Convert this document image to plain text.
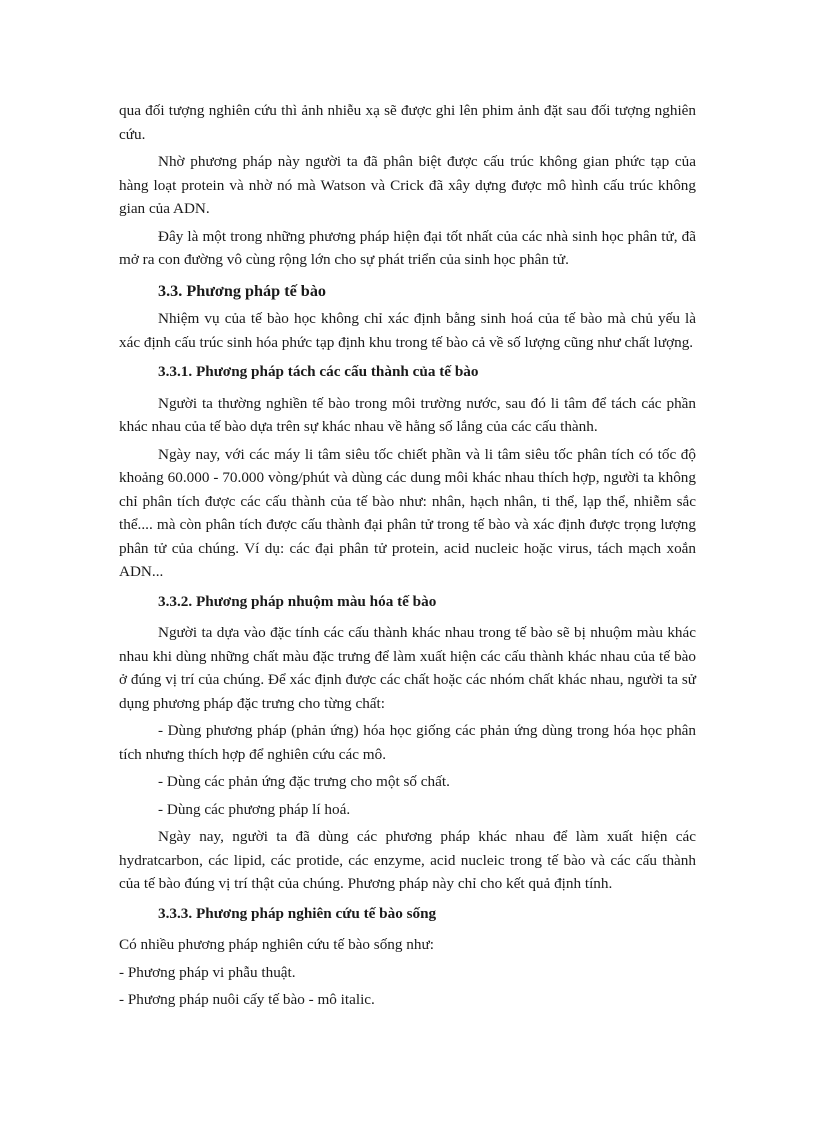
qua đối tượng nghiên cứu thì ảnh nhiễu xạ sẽ được ghi lên phim ảnh đặt sau đối tượng nghiên cứu.

Nhờ phương pháp này người ta đã phân biệt được cấu trúc không gian phức tạp của hàng loạt protein và nhờ nó mà Watson và Crick đã xây dựng được mô hình cấu trúc không gian của ADN.

Đây là một trong những phương pháp hiện đại tốt nhất của các nhà sinh học phân tử, đã mở ra con đường vô cùng rộng lớn cho sự phát triển của sinh học phân tử.

3.3. Phương pháp tế bào

Nhiệm vụ của tế bào học không chỉ xác định bằng sinh hoá của tế bào mà chủ yếu là xác định cấu trúc sinh hóa phức tạp định khu trong tế bào cả về số lượng cũng như chất lượng.

3.3.1. Phương pháp tách các cấu thành của tế bào

Người ta thường nghiền tế bào trong môi trường nước, sau đó li tâm để tách các phần khác nhau của tế bào dựa trên sự khác nhau về hằng số lắng của các cấu thành.

Ngày nay, với các máy li tâm siêu tốc chiết phần và li tâm siêu tốc phân tích có tốc độ khoảng 60.000 - 70.000 vòng/phút và dùng các dung môi khác nhau thích hợp, người ta không chỉ phân tích được các cấu thành của tế bào như: nhân, hạch nhân, ti thể, lạp thể, nhiễm sắc thể.... mà còn phân tích được cấu thành đại phân tử trong tế bào và xác định được trọng lượng phân tử của chúng. Ví dụ: các đại phân tử protein, acid nucleic hoặc virus, tách mạch xoắn ADN...

3.3.2. Phương pháp nhuộm màu hóa tế bào

Người ta dựa vào đặc tính các cấu thành khác nhau trong tế bào sẽ bị nhuộm màu khác nhau khi dùng những chất màu đặc trưng để làm xuất hiện các cấu thành khác nhau của tế bào ở đúng vị trí của chúng. Để xác định được các chất hoặc các nhóm chất khác nhau, người ta sử dụng phương pháp đặc trưng cho từng chất:

- Dùng phương pháp (phản ứng) hóa học giống các phản ứng dùng trong hóa học phân tích nhưng thích hợp để nghiên cứu các mô.

- Dùng các phản ứng đặc trưng cho một số chất.

- Dùng các phương pháp lí hoá.

Ngày nay, người ta đã dùng các phương pháp khác nhau để làm xuất hiện các hydratcarbon, các lipid, các protide, các enzyme, acid nucleic trong tế bào và các cấu thành của tế bào đúng vị trí thật của chúng. Phương pháp này chỉ cho kết quả định tính.

3.3.3. Phương pháp nghiên cứu tế bào sống

Có nhiều phương pháp nghiên cứu tế bào sống như:

- Phương pháp vi phẫu thuật.

- Phương pháp nuôi cấy tế bào - mô italic.
